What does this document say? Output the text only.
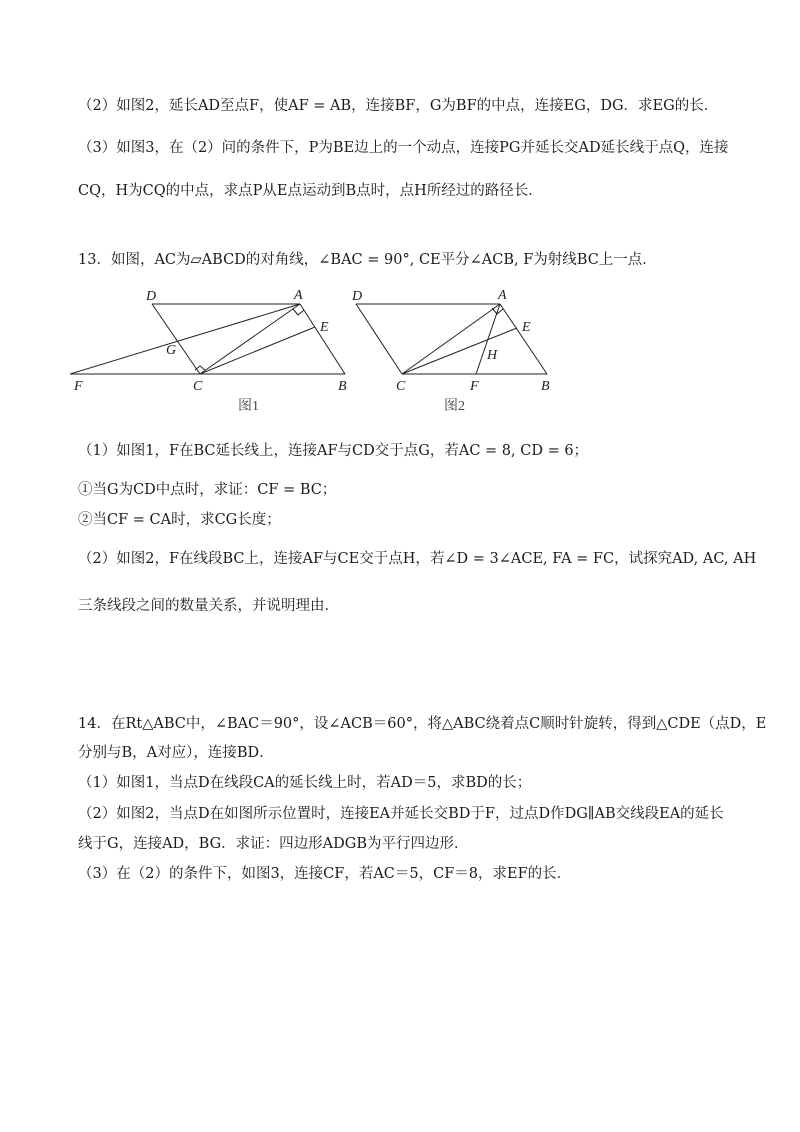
（2）如图2，延长AD至点F，使AF = AB，连接BF，G为BF的中点，连接EG，DG．求EG的长．
（3）如图3，在（2）问的条件下，P为BE边上的一个动点，连接PG并延长交AD延长线于点Q，连接
CQ，H为CQ的中点，求点P从E点运动到B点时，点H所经过的路径长．
13．如图，AC为▱ABCD的对角线，∠BAC = 90°, CE平分∠ACB, F为射线BC上一点．
D	A
E
G
F	C	B
图1
D	A
E
H
C	F	B
图2
（1）如图1，F在BC延长线上，连接AF与CD交于点G，若AC = 8, CD = 6；
①当G为CD中点时，求证：CF = BC；
②当CF = CA时，求CG长度；
（2）如图2，F在线段BC上，连接AF与CE交于点H，若∠D = 3∠ACE, FA = FC，试探究AD, AC, AH
三条线段之间的数量关系，并说明理由．
14．在Rt△ABC中，∠BAC＝90°，设∠ACB＝60°，将△ABC绕着点C顺时针旋转，得到△CDE（点D，E
分别与B，A对应），连接BD．
（1）如图1，当点D在线段CA的延长线上时，若AD＝5，求BD的长；
（2）如图2，当点D在如图所示位置时，连接EA并延长交BD于F，过点D作DG∥AB交线段EA的延长
线于G，连接AD，BG．求证：四边形ADGB为平行四边形．
（3）在（2）的条件下，如图3，连接CF，若AC＝5，CF＝8，求EF的长．
